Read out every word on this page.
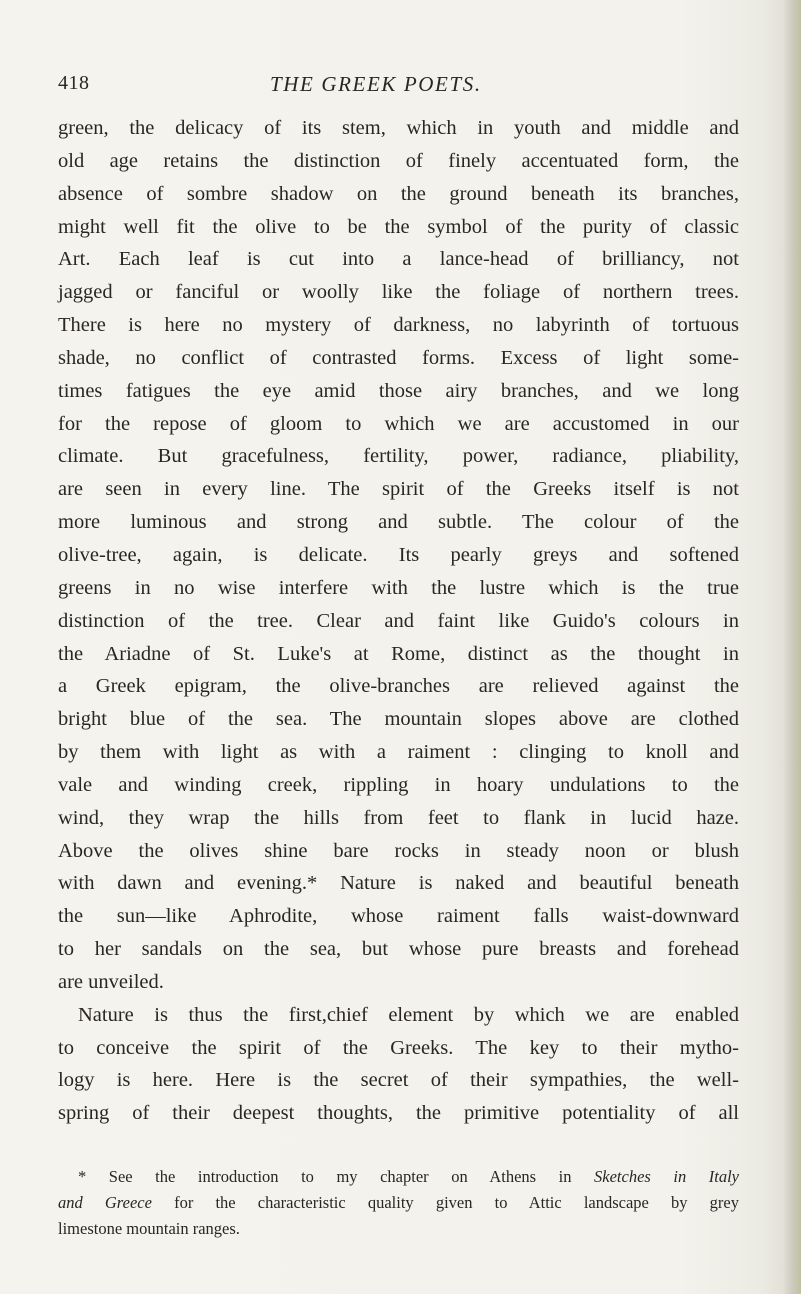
418	THE GREEK POETS.
green, the delicacy of its stem, which in youth and middle and
old age retains the distinction of finely accentuated form, the
absence of sombre shadow on the ground beneath its branches,
might well fit the olive to be the symbol of the purity of classic
Art. Each leaf is cut into a lance-head of brilliancy, not
jagged or fanciful or woolly like the foliage of northern trees.
There is here no mystery of darkness, no labyrinth of tortuous
shade, no conflict of contrasted forms. Excess of light some-
times fatigues the eye amid those airy branches, and we long
for the repose of gloom to which we are accustomed in our
climate. But gracefulness, fertility, power, radiance, pliability,
are seen in every line. The spirit of the Greeks itself is not
more luminous and strong and subtle. The colour of the
olive-tree, again, is delicate. Its pearly greys and softened
greens in no wise interfere with the lustre which is the true
distinction of the tree. Clear and faint like Guido's colours in
the Ariadne of St. Luke's at Rome, distinct as the thought in
a Greek epigram, the olive-branches are relieved against the
bright blue of the sea. The mountain slopes above are clothed
by them with light as with a raiment : clinging to knoll and
vale and winding creek, rippling in hoary undulations to the
wind, they wrap the hills from feet to flank in lucid haze.
Above the olives shine bare rocks in steady noon or blush
with dawn and evening.* Nature is naked and beautiful beneath
the sun—like Aphrodite, whose raiment falls waist-downward
to her sandals on the sea, but whose pure breasts and forehead
are unveiled.
Nature is thus the first,chief element by which we are enabled
to conceive the spirit of the Greeks. The key to their mytho-
logy is here. Here is the secret of their sympathies, the well-
spring of their deepest thoughts, the primitive potentiality of all
* See the introduction to my chapter on Athens in Sketches in Italy
and Greece for the characteristic quality given to Attic landscape by grey
limestone mountain ranges.
